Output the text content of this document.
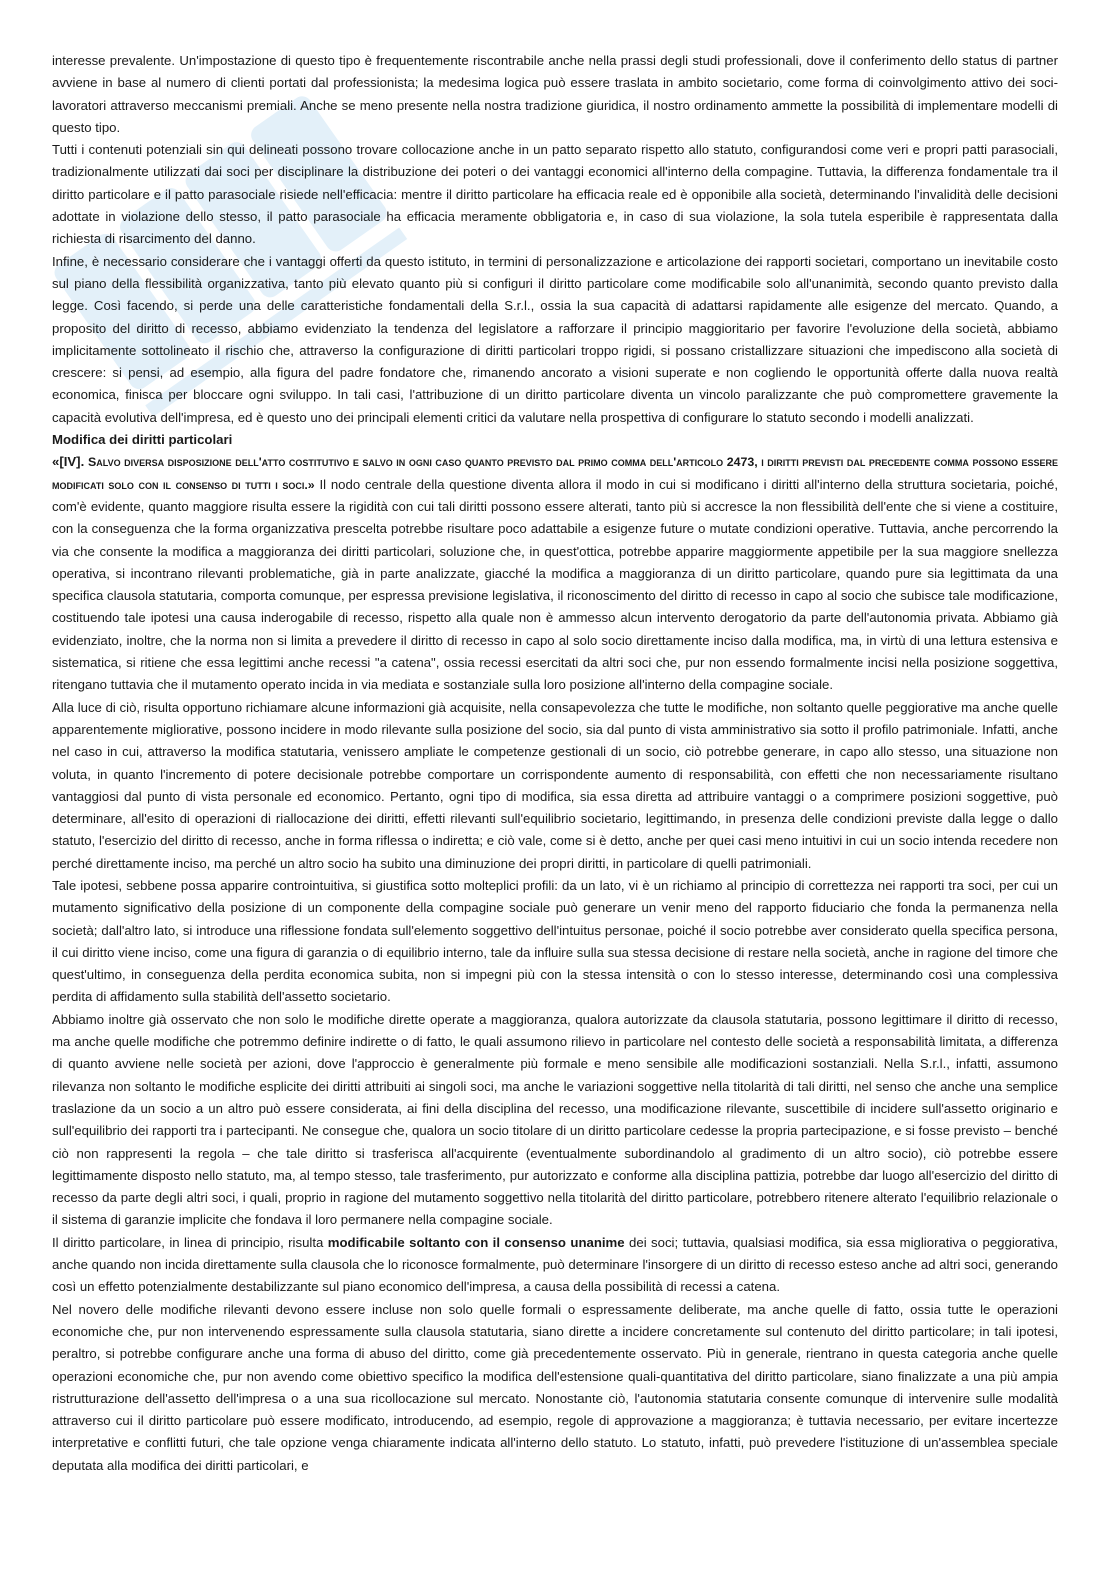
interesse prevalente. Un'impostazione di questo tipo è frequentemente riscontrabile anche nella prassi degli studi professionali, dove il conferimento dello status di partner avviene in base al numero di clienti portati dal professionista; la medesima logica può essere traslata in ambito societario, come forma di coinvolgimento attivo dei soci-lavoratori attraverso meccanismi premiali. Anche se meno presente nella nostra tradizione giuridica, il nostro ordinamento ammette la possibilità di implementare modelli di questo tipo.

Tutti i contenuti potenziali sin qui delineati possono trovare collocazione anche in un patto separato rispetto allo statuto, configurandosi come veri e propri patti parasociali, tradizionalmente utilizzati dai soci per disciplinare la distribuzione dei poteri o dei vantaggi economici all'interno della compagine. Tuttavia, la differenza fondamentale tra il diritto particolare e il patto parasociale risiede nell'efficacia: mentre il diritto particolare ha efficacia reale ed è opponibile alla società, determinando l'invalidità delle decisioni adottate in violazione dello stesso, il patto parasociale ha efficacia meramente obbligatoria e, in caso di sua violazione, la sola tutela esperibile è rappresentata dalla richiesta di risarcimento del danno.

Infine, è necessario considerare che i vantaggi offerti da questo istituto, in termini di personalizzazione e articolazione dei rapporti societari, comportano un inevitabile costo sul piano della flessibilità organizzativa, tanto più elevato quanto più si configuri il diritto particolare come modificabile solo all'unanimità, secondo quanto previsto dalla legge. Così facendo, si perde una delle caratteristiche fondamentali della S.r.l., ossia la sua capacità di adattarsi rapidamente alle esigenze del mercato. Quando, a proposito del diritto di recesso, abbiamo evidenziato la tendenza del legislatore a rafforzare il principio maggioritario per favorire l'evoluzione della società, abbiamo implicitamente sottolineato il rischio che, attraverso la configurazione di diritti particolari troppo rigidi, si possano cristallizzare situazioni che impediscono alla società di crescere: si pensi, ad esempio, alla figura del padre fondatore che, rimanendo ancorato a visioni superate e non cogliendo le opportunità offerte dalla nuova realtà economica, finisca per bloccare ogni sviluppo. In tali casi, l'attribuzione di un diritto particolare diventa un vincolo paralizzante che può compromettere gravemente la capacità evolutiva dell'impresa, ed è questo uno dei principali elementi critici da valutare nella prospettiva di configurare lo statuto secondo i modelli analizzati.

Modifica dei diritti particolari

«[IV]. Salvo diversa disposizione dell'atto costitutivo e salvo in ogni caso quanto previsto dal primo comma dell'articolo 2473, i diritti previsti dal precedente comma possono essere modificati solo con il consenso di tutti i soci.» Il nodo centrale della questione diventa allora il modo in cui si modificano i diritti all'interno della struttura societaria, poiché, com'è evidente, quanto maggiore risulta essere la rigidità con cui tali diritti possono essere alterati, tanto più si accresce la non flessibilità dell'ente che si viene a costituire, con la conseguenza che la forma organizzativa prescelta potrebbe risultare poco adattabile a esigenze future o mutate condizioni operative. Tuttavia, anche percorrendo la via che consente la modifica a maggioranza dei diritti particolari, soluzione che, in quest'ottica, potrebbe apparire maggiormente appetibile per la sua maggiore snellezza operativa, si incontrano rilevanti problematiche, già in parte analizzate, giacché la modifica a maggioranza di un diritto particolare, quando pure sia legittimata da una specifica clausola statutaria, comporta comunque, per espressa previsione legislativa, il riconoscimento del diritto di recesso in capo al socio che subisce tale modificazione, costituendo tale ipotesi una causa inderogabile di recesso, rispetto alla quale non è ammesso alcun intervento derogatorio da parte dell'autonomia privata. Abbiamo già evidenziato, inoltre, che la norma non si limita a prevedere il diritto di recesso in capo al solo socio direttamente inciso dalla modifica, ma, in virtù di una lettura estensiva e sistematica, si ritiene che essa legittimi anche recessi "a catena", ossia recessi esercitati da altri soci che, pur non essendo formalmente incisi nella posizione soggettiva, ritengano tuttavia che il mutamento operato incida in via mediata e sostanziale sulla loro posizione all'interno della compagine sociale.

Alla luce di ciò, risulta opportuno richiamare alcune informazioni già acquisite, nella consapevolezza che tutte le modifiche, non soltanto quelle peggiorative ma anche quelle apparentemente migliorative, possono incidere in modo rilevante sulla posizione del socio, sia dal punto di vista amministrativo sia sotto il profilo patrimoniale. Infatti, anche nel caso in cui, attraverso la modifica statutaria, venissero ampliate le competenze gestionali di un socio, ciò potrebbe generare, in capo allo stesso, una situazione non voluta, in quanto l'incremento di potere decisionale potrebbe comportare un corrispondente aumento di responsabilità, con effetti che non necessariamente risultano vantaggiosi dal punto di vista personale ed economico. Pertanto, ogni tipo di modifica, sia essa diretta ad attribuire vantaggi o a comprimere posizioni soggettive, può determinare, all'esito di operazioni di riallocazione dei diritti, effetti rilevanti sull'equilibrio societario, legittimando, in presenza delle condizioni previste dalla legge o dallo statuto, l'esercizio del diritto di recesso, anche in forma riflessa o indiretta; e ciò vale, come si è detto, anche per quei casi meno intuitivi in cui un socio intenda recedere non perché direttamente inciso, ma perché un altro socio ha subito una diminuzione dei propri diritti, in particolare di quelli patrimoniali.

Tale ipotesi, sebbene possa apparire controintuitiva, si giustifica sotto molteplici profili: da un lato, vi è un richiamo al principio di correttezza nei rapporti tra soci, per cui un mutamento significativo della posizione di un componente della compagine sociale può generare un venir meno del rapporto fiduciario che fonda la permanenza nella società; dall'altro lato, si introduce una riflessione fondata sull'elemento soggettivo dell'intuitus personae, poiché il socio potrebbe aver considerato quella specifica persona, il cui diritto viene inciso, come una figura di garanzia o di equilibrio interno, tale da influire sulla sua stessa decisione di restare nella società, anche in ragione del timore che quest'ultimo, in conseguenza della perdita economica subita, non si impegni più con la stessa intensità o con lo stesso interesse, determinando così una complessiva perdita di affidamento sulla stabilità dell'assetto societario.

Abbiamo inoltre già osservato che non solo le modifiche dirette operate a maggioranza, qualora autorizzate da clausola statutaria, possono legittimare il diritto di recesso, ma anche quelle modifiche che potremmo definire indirette o di fatto, le quali assumono rilievo in particolare nel contesto delle società a responsabilità limitata, a differenza di quanto avviene nelle società per azioni, dove l'approccio è generalmente più formale e meno sensibile alle modificazioni sostanziali. Nella S.r.l., infatti, assumono rilevanza non soltanto le modifiche esplicite dei diritti attribuiti ai singoli soci, ma anche le variazioni soggettive nella titolarità di tali diritti, nel senso che anche una semplice traslazione da un socio a un altro può essere considerata, ai fini della disciplina del recesso, una modificazione rilevante, suscettibile di incidere sull'assetto originario e sull'equilibrio dei rapporti tra i partecipanti. Ne consegue che, qualora un socio titolare di un diritto particolare cedesse la propria partecipazione, e si fosse previsto – benché ciò non rappresenti la regola – che tale diritto si trasferisca all'acquirente (eventualmente subordinandolo al gradimento di un altro socio), ciò potrebbe essere legittimamente disposto nello statuto, ma, al tempo stesso, tale trasferimento, pur autorizzato e conforme alla disciplina pattizia, potrebbe dar luogo all'esercizio del diritto di recesso da parte degli altri soci, i quali, proprio in ragione del mutamento soggettivo nella titolarità del diritto particolare, potrebbero ritenere alterato l'equilibrio relazionale o il sistema di garanzie implicite che fondava il loro permanere nella compagine sociale.

Il diritto particolare, in linea di principio, risulta modificabile soltanto con il consenso unanime dei soci; tuttavia, qualsiasi modifica, sia essa migliorativa o peggiorativa, anche quando non incida direttamente sulla clausola che lo riconosce formalmente, può determinare l'insorgere di un diritto di recesso esteso anche ad altri soci, generando così un effetto potenzialmente destabilizzante sul piano economico dell'impresa, a causa della possibilità di recessi a catena.

Nel novero delle modifiche rilevanti devono essere incluse non solo quelle formali o espressamente deliberate, ma anche quelle di fatto, ossia tutte le operazioni economiche che, pur non intervenendo espressamente sulla clausola statutaria, siano dirette a incidere concretamente sul contenuto del diritto particolare; in tali ipotesi, peraltro, si potrebbe configurare anche una forma di abuso del diritto, come già precedentemente osservato. Più in generale, rientrano in questa categoria anche quelle operazioni economiche che, pur non avendo come obiettivo specifico la modifica dell'estensione quali-quantitativa del diritto particolare, siano finalizzate a una più ampia ristrutturazione dell'assetto dell'impresa o a una sua ricollocazione sul mercato. Nonostante ciò, l'autonomia statutaria consente comunque di intervenire sulle modalità attraverso cui il diritto particolare può essere modificato, introducendo, ad esempio, regole di approvazione a maggioranza; è tuttavia necessario, per evitare incertezze interpretative e conflitti futuri, che tale opzione venga chiaramente indicata all'interno dello statuto. Lo statuto, infatti, può prevedere l'istituzione di un'assemblea speciale deputata alla modifica dei diritti particolari, e
